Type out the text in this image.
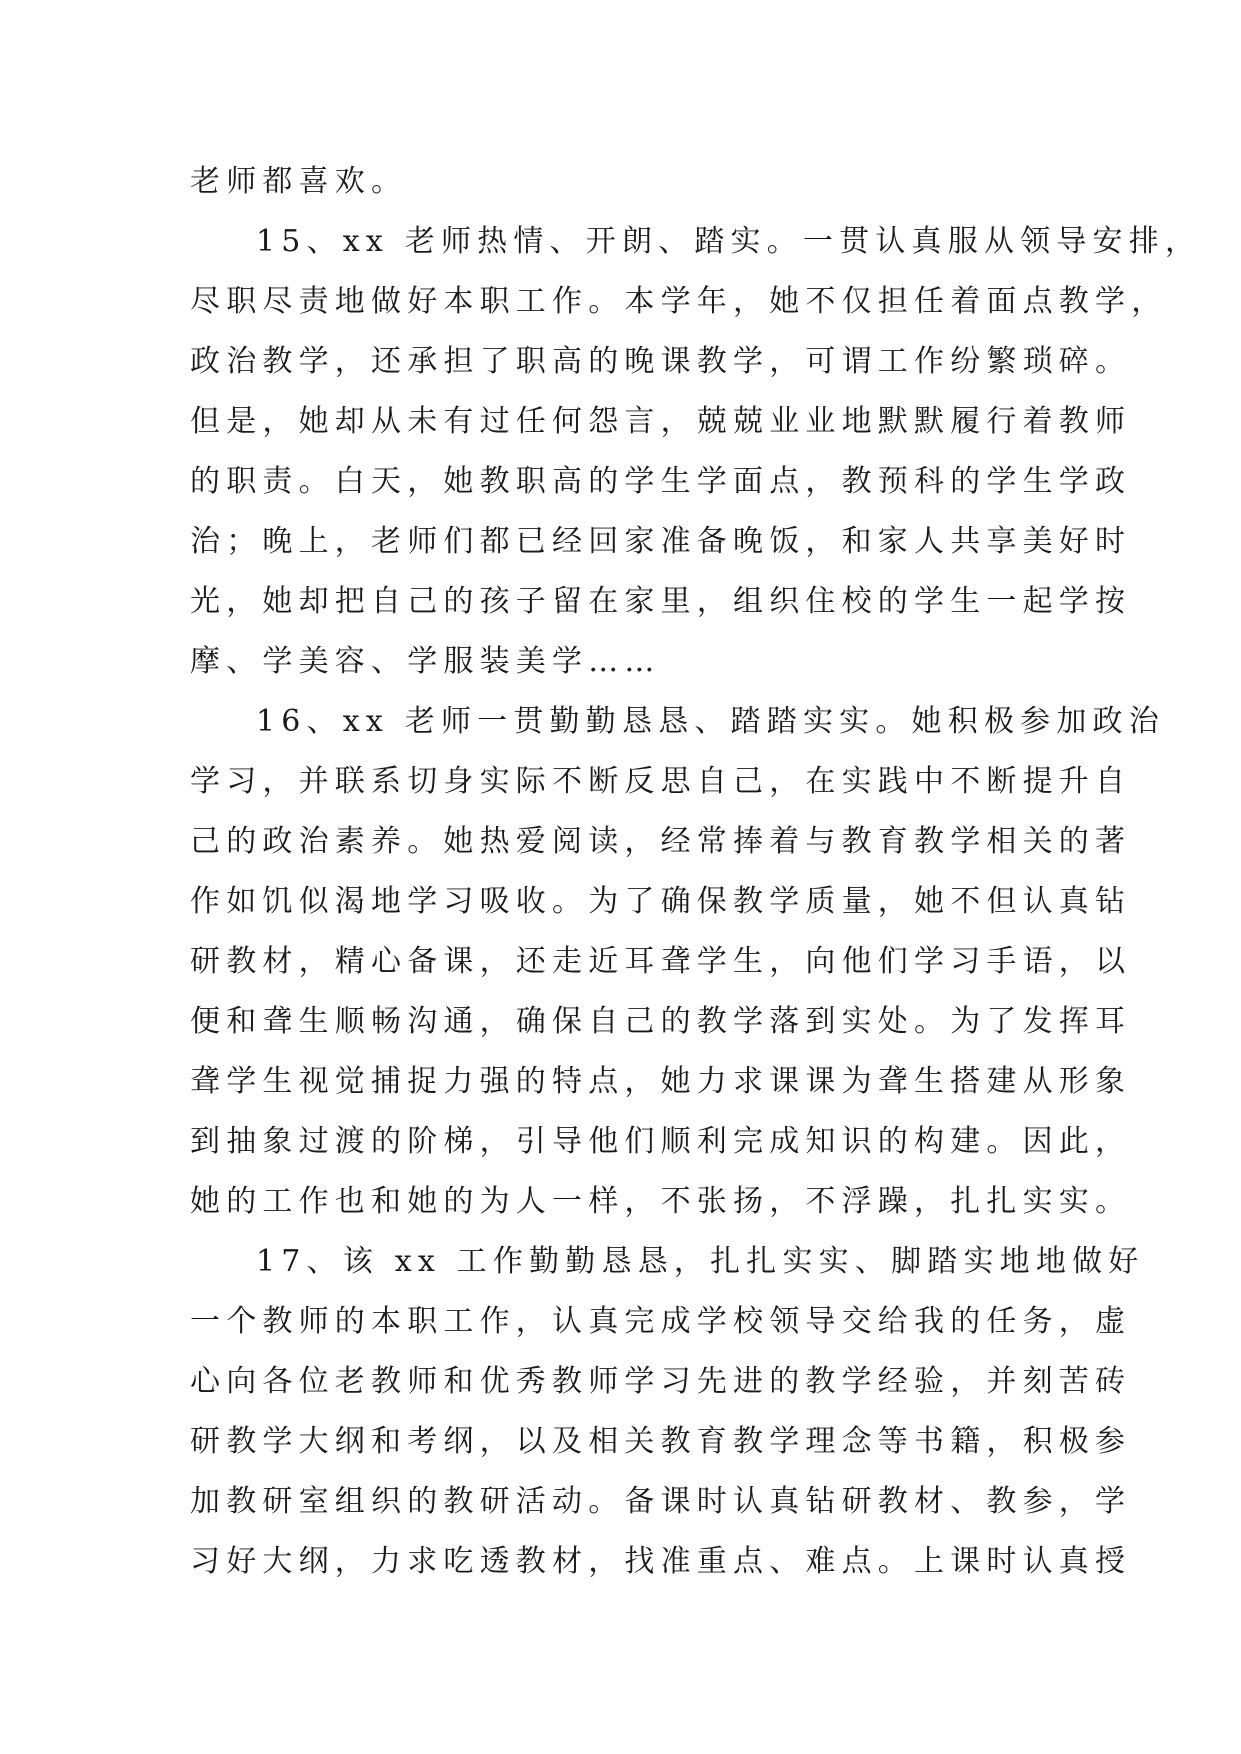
老师都喜欢。
15、xx 老师热情、开朗、踏实。一贯认真服从领导安排，
尽职尽责地做好本职工作。本学年，她不仅担任着面点教学，
政治教学，还承担了职高的晚课教学，可谓工作纷繁琐碎。
但是，她却从未有过任何怨言，兢兢业业地默默履行着教师
的职责。白天，她教职高的学生学面点，教预科的学生学政
治；晚上，老师们都已经回家准备晚饭，和家人共享美好时
光，她却把自己的孩子留在家里，组织住校的学生一起学按
摩、学美容、学服装美学……
16、xx 老师一贯勤勤恳恳、踏踏实实。她积极参加政治
学习，并联系切身实际不断反思自己，在实践中不断提升自
己的政治素养。她热爱阅读，经常捧着与教育教学相关的著
作如饥似渴地学习吸收。为了确保教学质量，她不但认真钻
研教材，精心备课，还走近耳聋学生，向他们学习手语，以
便和聋生顺畅沟通，确保自己的教学落到实处。为了发挥耳
聋学生视觉捕捉力强的特点，她力求课课为聋生搭建从形象
到抽象过渡的阶梯，引导他们顺利完成知识的构建。因此，
她的工作也和她的为人一样，不张扬，不浮躁，扎扎实实。
17、该 xx 工作勤勤恳恳，扎扎实实、脚踏实地地做好
一个教师的本职工作，认真完成学校领导交给我的任务，虚
心向各位老教师和优秀教师学习先进的教学经验，并刻苦砖
研教学大纲和考纲，以及相关教育教学理念等书籍，积极参
加教研室组织的教研活动。备课时认真钻研教材、教参，学
习好大纲，力求吃透教材，找准重点、难点。上课时认真授
